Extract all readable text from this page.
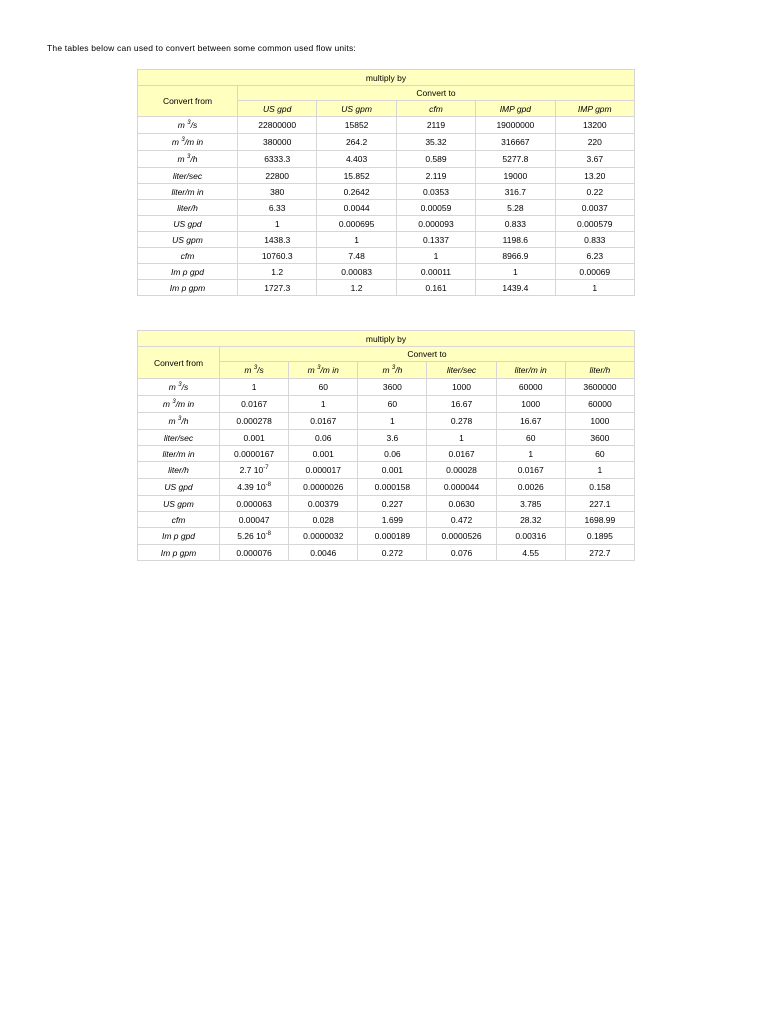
The tables below can used to convert between some common used flow units:
multiply by					
Convert from	Convert to				
	US gpd	US gpm	cfm	IMP gpd	IMP gpm
m $^3$/s	22800000	15852	2119	19000000	13200
m $^3$/m in	380000	264.2	35.32	316667	220
m $^3$/h	6333.3	4.403	0.589	5277.8	3.67
liter/sec	22800	15.852	2.119	19000	13.20
liter/m in	380	0.2642	0.0353	316.7	0.22
liter/h	6.33	0.0044	0.00059	5.28	0.0037
US gpd	1	0.000695	0.000093	0.833	0.000579
US gpm	1438.3	1	0.1337	1198.6	0.833
cfm	10760.3	7.48	1	8966.9	6.23
Im p gpd	1.2	0.00083	0.00011	1	0.00069
Im p gpm	1727.3	1.2	0.161	1439.4	1
multiply by						
Convert from	Convert to					
	m $^3$/s	m $^3$/m in	m $^3$/h	liter/sec	liter/m in	liter/h
m $^3$/s	1	60	3600	1000	60000	3600000
m $^3$/m in	0.0167	1	60	16.67	1000	60000
m $^3$/h	0.000278	0.0167	1	0.278	16.67	1000
liter/sec	0.001	0.06	3.6	1	60	3600
liter/m in	0.0000167	0.001	0.06	0.0167	1	60
liter/h	2.7 $10^{-7}$	0.000017	0.001	0.00028	0.0167	1
US gpd	4.39 $10^{-8}$	0.0000026	0.000158	0.000044	0.0026	0.158
US gpm	0.000063	0.00379	0.227	0.0630	3.785	227.1
cfm	0.00047	0.028	1.699	0.472	28.32	1698.99
Im p gpd	5.26 $10^{-8}$	0.0000032	0.000189	0.0000526	0.00316	0.1895
Im p gpm	0.000076	0.0046	0.272	0.076	4.55	272.7
